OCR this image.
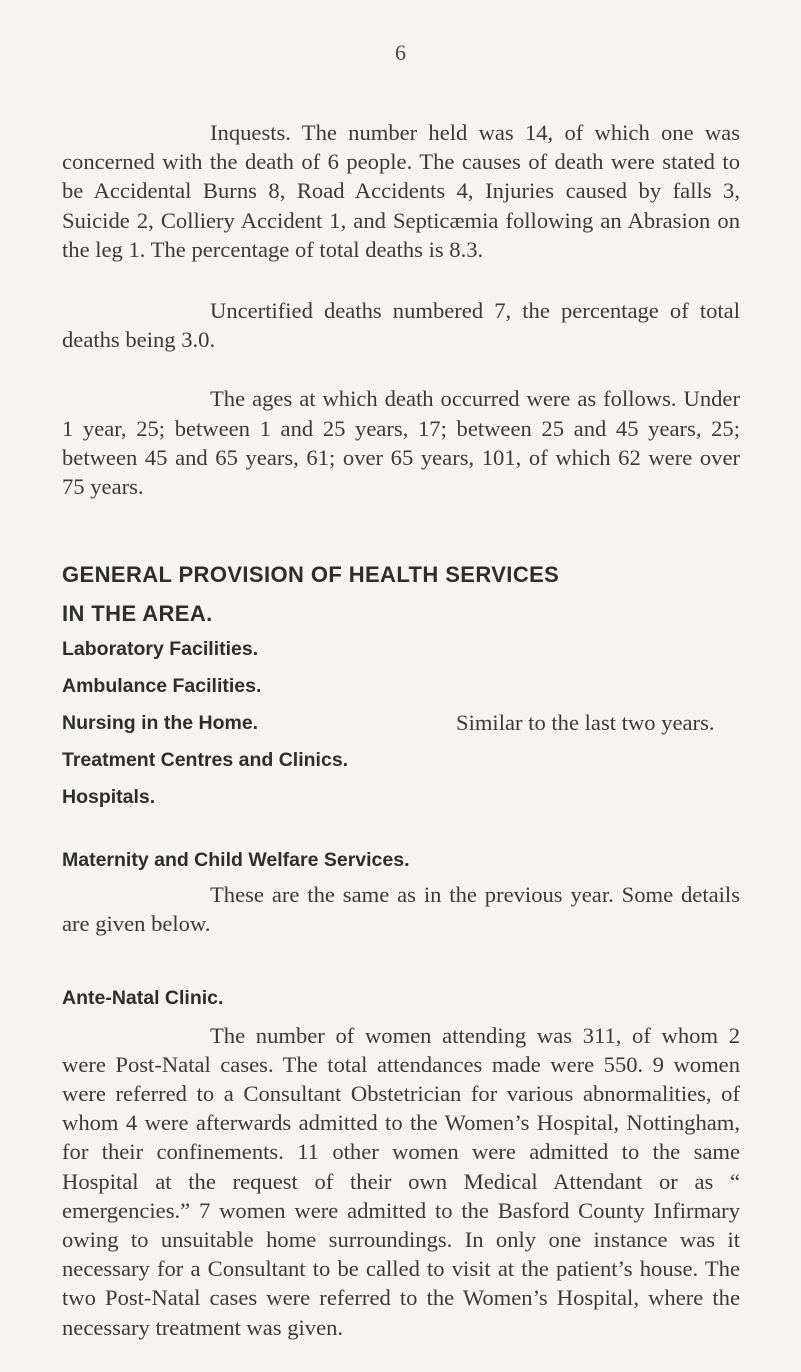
6

Inquests. The number held was 14, of which one was concerned with the death of 6 people. The causes of death were stated to be Accidental Burns 8, Road Accidents 4, Injuries caused by falls 3, Suicide 2, Colliery Accident 1, and Septicæmia following an Abrasion on the leg 1. The percentage of total deaths is 8.3.

Uncertified deaths numbered 7, the percentage of total deaths being 3.0.

The ages at which death occurred were as follows. Under 1 year, 25; between 1 and 25 years, 17; between 25 and 45 years, 25; between 45 and 65 years, 61; over 65 years, 101, of which 62 were over 75 years.

GENERAL PROVISION OF HEALTH SERVICES
IN THE AREA.
Laboratory Facilities.
Ambulance Facilities.
Nursing in the Home.	Similar to the last two years.
Treatment Centres and Clinics.
Hospitals.
Maternity and Child Welfare Services.

These are the same as in the previous year. Some details are given below.

Ante-Natal Clinic.

The number of women attending was 311, of whom 2 were Post-Natal cases. The total attendances made were 550. 9 women were referred to a Consultant Obstetrician for various abnormalities, of whom 4 were afterwards admitted to the Women’s Hospital, Nottingham, for their confinements. 11 other women were admitted to the same Hospital at the request of their own Medical Attendant or as “ emergencies.” 7 women were admitted to the Basford County Infirmary owing to unsuitable home surroundings. In only one instance was it necessary for a Consultant to be called to visit at the patient’s house. The two Post-Natal cases were referred to the Women’s Hospital, where the necessary treatment was given.
